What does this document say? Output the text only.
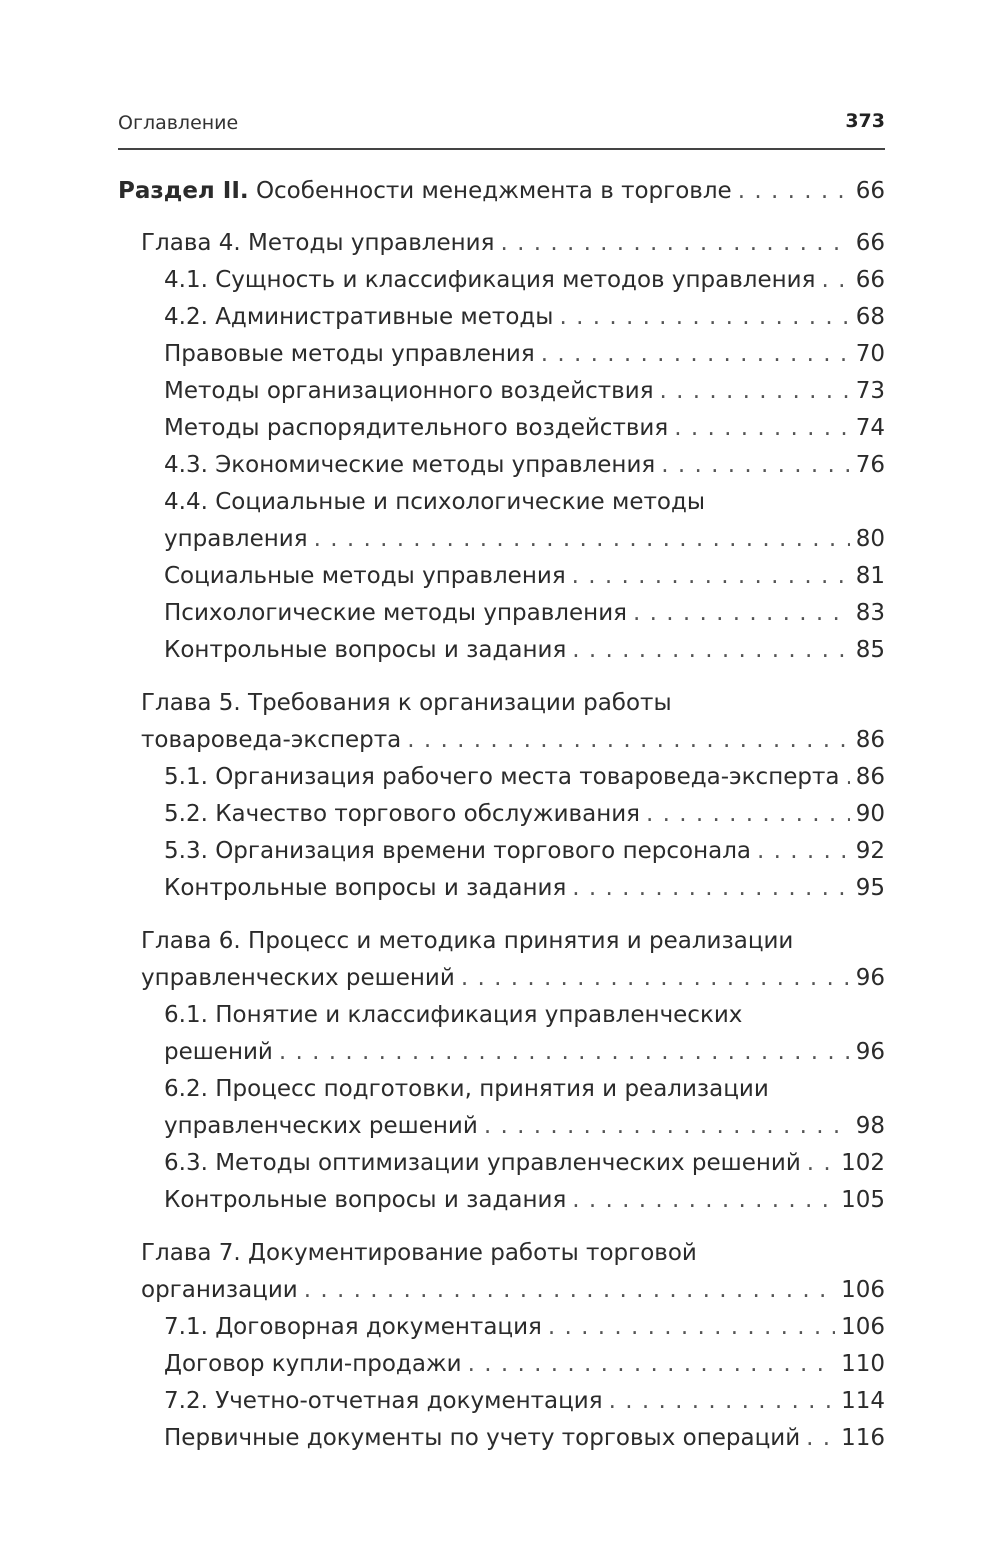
Оглавление	373
Раздел II. Особенности менеджмента в торговле . . .	66
Глава 4. Методы управления . . .	66
4.1. Сущность и классификация методов управления . . . 66
4.2. Административные методы . . .	68
Правовые методы управления . . .	70
Методы организационного воздействия . . .	73
Методы распорядительного воздействия . . .	74
4.3. Экономические методы управления . . .	76
4.4. Социальные и психологические методы
управления . . .	80
Социальные методы управления . . .	81
Психологические методы управления . . .	83
Контрольные вопросы и задания . . .	85
Глава 5. Требования к организации работы
товароведа-эксперта . . .	86
5.1. Организация рабочего места товароведа-эксперта . . . 86
5.2. Качество торгового обслуживания . . .	90
5.3. Организация времени торгового персонала . . .	92
Контрольные вопросы и задания . . .	95
Глава 6. Процесс и методика принятия и реализации
управленческих решений . . .	96
6.1. Понятие и классификация управленческих
решений . . .	96
6.2. Процесс подготовки, принятия и реализации
управленческих решений . . .	98
6.3. Методы оптимизации управленческих решений . . . 102
Контрольные вопросы и задания . . .	105
Глава 7. Документирование работы торговой
организации . . .	106
7.1. Договорная документация . . .	106
Договор купли-продажи . . .	110
7.2. Учетно-отчетная документация . . .	114
Первичные документы по учету торговых операций . . . 116
